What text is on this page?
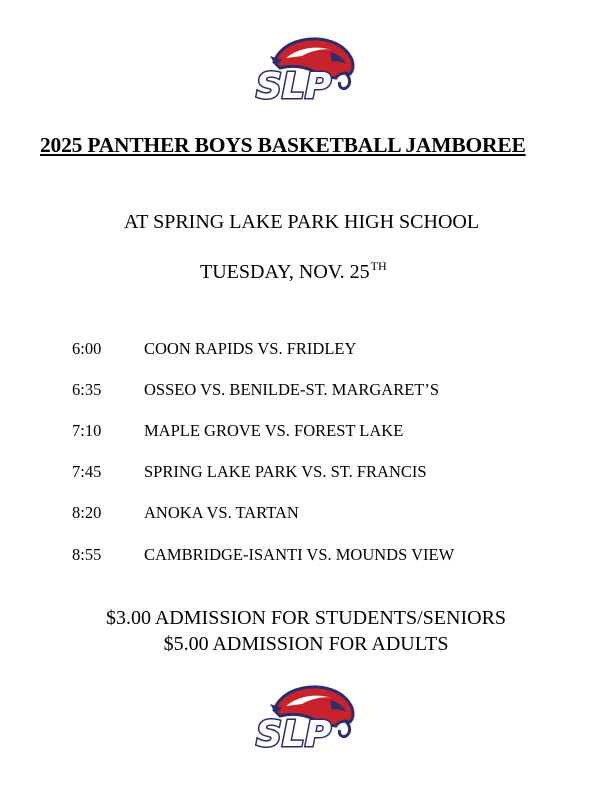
SLP
2025 PANTHER BOYS BASKETBALL JAMBOREE
AT SPRING LAKE PARK HIGH SCHOOL
TUESDAY, NOV. 25TH
6:00	COON RAPIDS VS. FRIDLEY
6:35	OSSEO VS. BENILDE-ST. MARGARET’S
7:10	MAPLE GROVE VS. FOREST LAKE
7:45	SPRING LAKE PARK VS. ST. FRANCIS
8:20	ANOKA VS. TARTAN
8:55	CAMBRIDGE-ISANTI VS. MOUNDS VIEW
$3.00 ADMISSION FOR STUDENTS/SENIORS
$5.00 ADMISSION FOR ADULTS
SLP
